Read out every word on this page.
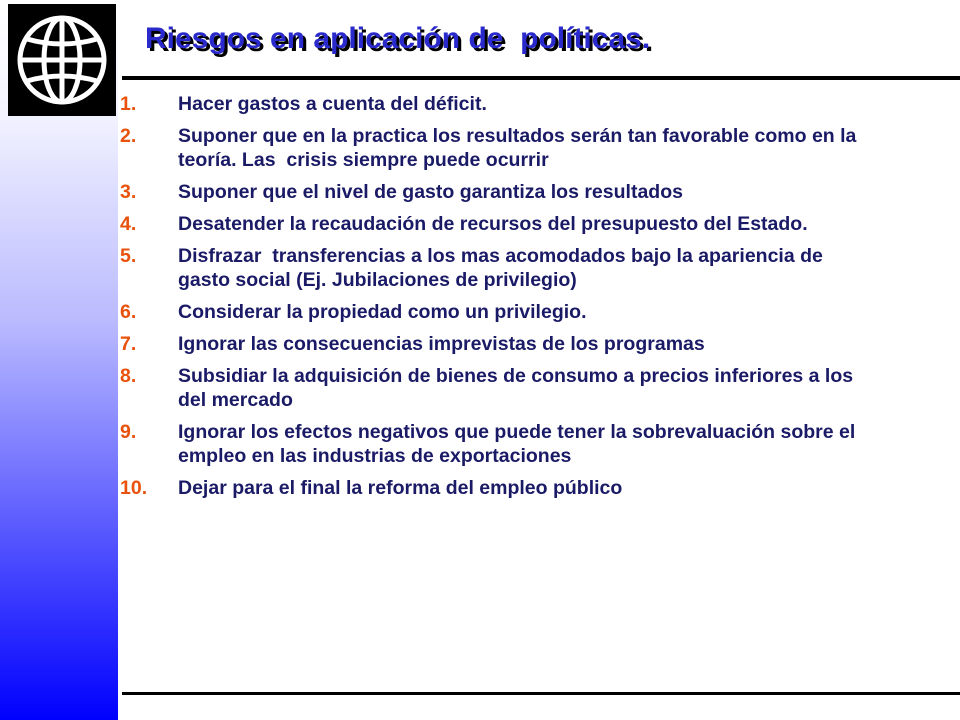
Riesgos en aplicación de  políticas.
1.	Hacer gastos a cuenta del déficit.
2.	Suponer que en la practica los resultados serán tan favorable como en la teoría. Las  crisis siempre puede ocurrir
3.	Suponer que el nivel de gasto garantiza los resultados
4.	Desatender la recaudación de recursos del presupuesto del Estado.
5.	Disfrazar  transferencias a los mas acomodados bajo la apariencia de gasto social (Ej. Jubilaciones de privilegio)
6.	Considerar la propiedad como un privilegio.
7.	Ignorar las consecuencias imprevistas de los programas
8.	Subsidiar la adquisición de bienes de consumo a precios inferiores a los del mercado
9.	Ignorar los efectos negativos que puede tener la sobrevaluación sobre el empleo en las industrias de exportaciones
10.	Dejar para el final la reforma del empleo público
